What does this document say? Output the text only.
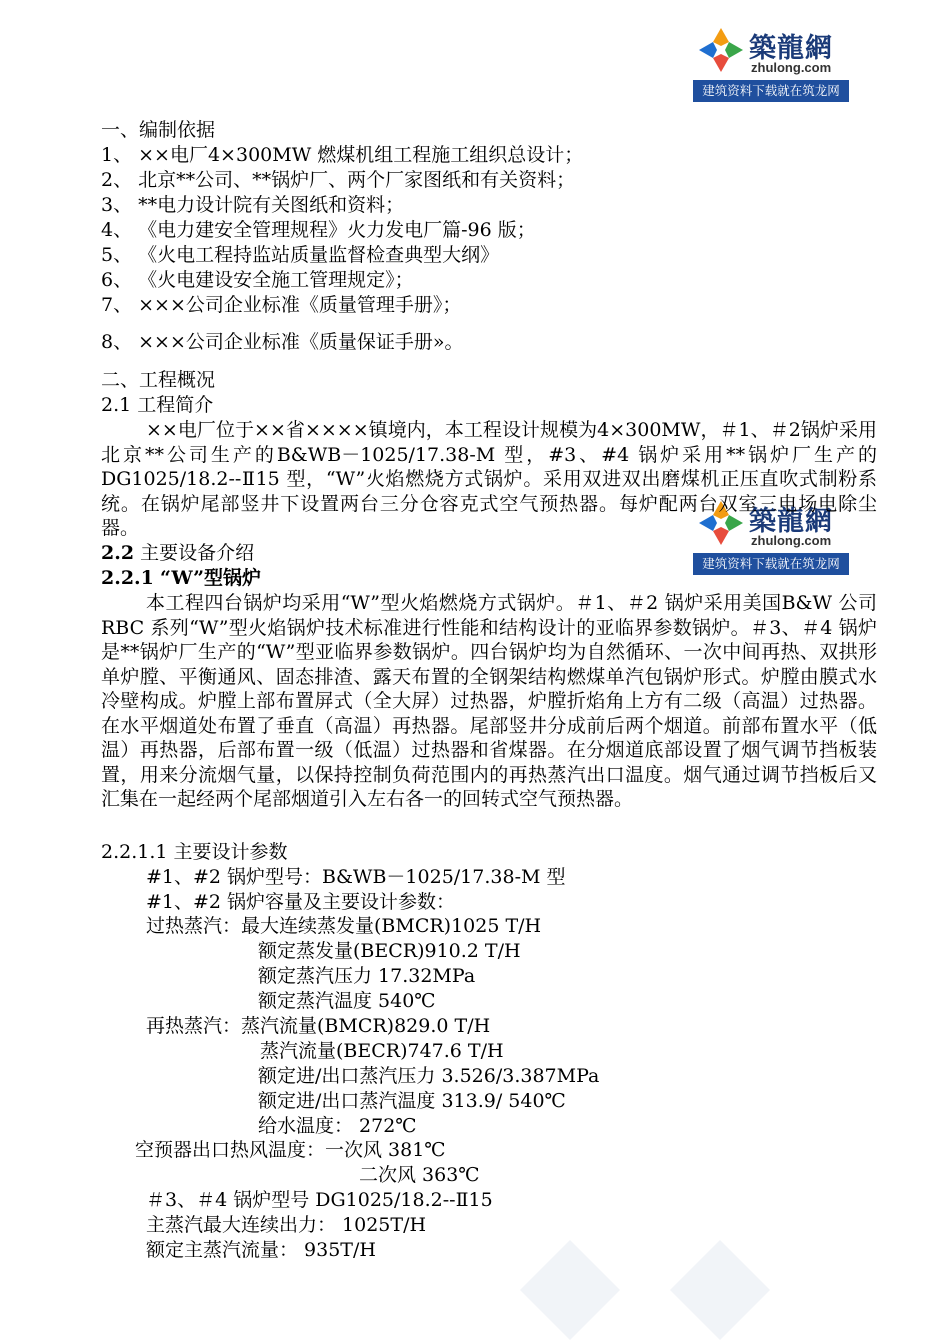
築龍網
zhulong.com
建筑资料下载就在筑龙网
築龍網
zhulong.com
建筑资料下载就在筑龙网
一、编制依据
1、 ××电厂4×300MW 燃煤机组工程施工组织总设计；
2、 北京**公司、**锅炉厂、两个厂家图纸和有关资料；
3、 **电力设计院有关图纸和资料；
4、 《电力建安全管理规程》火力发电厂篇-96 版；
5、 《火电工程持监站质量监督检查典型大纲》
6、 《火电建设安全施工管理规定》；
7、 ×××公司企业标准《质量管理手册》；
8、 ×××公司企业标准《质量保证手册»。
二、工程概况
2.1 工程简介
××电厂位于××省××××镇境内，本工程设计规模为4×300MW，＃1、＃2锅炉采用北京**公司生产的B&WB－1025/17.38-M 型，#3、#4 锅炉采用**锅炉厂生产的DG1025/18.2--Ⅱ15 型，“W”火焰燃烧方式锅炉。采用双进双出磨煤机正压直吹式制粉系统。在锅炉尾部竖井下设置两台三分仓容克式空气预热器。每炉配两台双室三电场电除尘器。
2.2 主要设备介绍
2.2.1 “W”型锅炉
本工程四台锅炉均采用“W”型火焰燃烧方式锅炉。＃1、＃2 锅炉采用美国B&W 公司RBC 系列“W”型火焰锅炉技术标准进行性能和结构设计的亚临界参数锅炉。＃3、＃4 锅炉是**锅炉厂生产的“W”型亚临界参数锅炉。四台锅炉均为自然循环、一次中间再热、双拱形单炉膛、平衡通风、固态排渣、露天布置的全钢架结构燃煤单汽包锅炉形式。炉膛由膜式水冷壁构成。炉膛上部布置屏式（全大屏）过热器，炉膛折焰角上方有二级（高温）过热器。在水平烟道处布置了垂直（高温）再热器。尾部竖井分成前后两个烟道。前部布置水平（低温）再热器，后部布置一级（低温）过热器和省煤器。在分烟道底部设置了烟气调节挡板装置，用来分流烟气量，以保持控制负荷范围内的再热蒸汽出口温度。烟气通过调节挡板后又汇集在一起经两个尾部烟道引入左右各一的回转式空气预热器。
2.2.1.1 主要设计参数
#1、#2 锅炉型号：B&WB－1025/17.38-M 型
#1、#2 锅炉容量及主要设计参数：
过热蒸汽：最大连续蒸发量(BMCR)1025 T/H
额定蒸发量(BECR)910.2 T/H
额定蒸汽压力 17.32MPa
额定蒸汽温度 540℃
再热蒸汽：蒸汽流量(BMCR)829.0 T/H
蒸汽流量(BECR)747.6 T/H
额定进/出口蒸汽压力 3.526/3.387MPa
额定进/出口蒸汽温度 313.9/ 540℃
给水温度： 272℃
空预器出口热风温度：一次风 381℃
二次风 363℃
＃3、＃4 锅炉型号 DG1025/18.2--Ⅱ15
主蒸汽最大连续出力： 1025T/H
额定主蒸汽流量： 935T/H
